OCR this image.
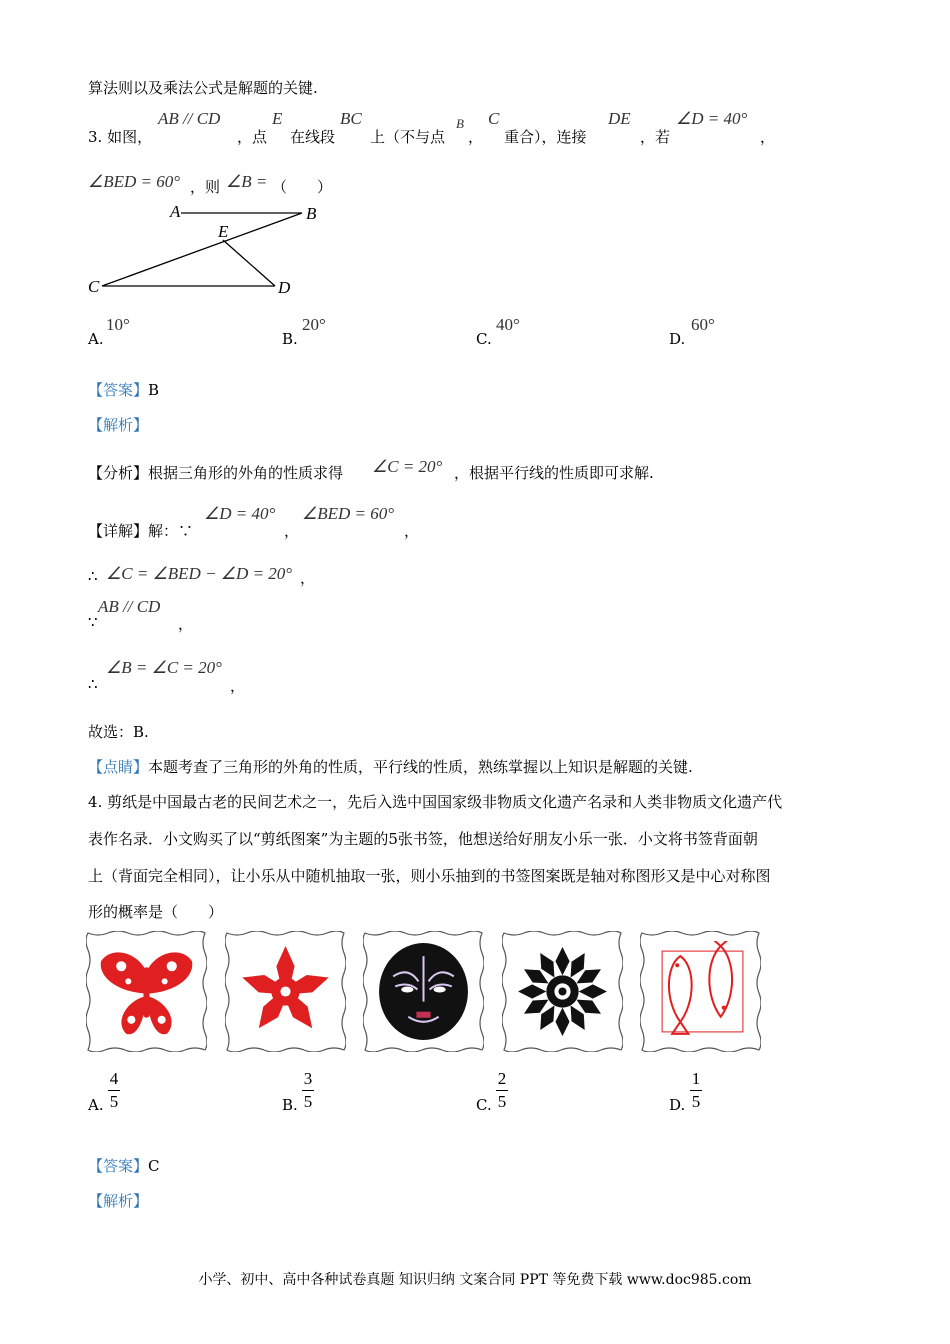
算法则以及乘法公式是解题的关键.
3. 如图，
AB // CD
，点
E
在线段
BC
上（不与点
B
，
C
重合），连接
DE
，若
∠D = 40°
，
∠BED = 60° ，则 ∠B = （　　）
A	B
E
C	D
A.
10°
B.
20°
C.
40°
D.
60°
【答案】B
【解析】
【分析】根据三角形的外角的性质求得 ∠C = 20° ，根据平行线的性质即可求解.
【详解】解：∵
∠D = 40°
，
∠BED = 60°
，
∴ ∠C = ∠BED − ∠D = 20° ，
∵
AB // CD
，
∴
∠B = ∠C = 20°
，
故选：B.
【点睛】本题考查了三角形的外角的性质，平行线的性质，熟练掌握以上知识是解题的关键.
4. 剪纸是中国最古老的民间艺术之一，先后入选中国国家级非物质文化遗产名录和人类非物质文化遗产代
表作名录．小文购买了以“剪纸图案”为主题的5张书签，他想送给好朋友小乐一张．小文将书签背面朝
上（背面完全相同），让小乐从中随机抽取一张，则小乐抽到的书签图案既是轴对称图形又是中心对称图
形的概率是（　　）
A.
4
5	B.
3
5	C.
2
5	D.
1
5
【答案】C
【解析】
小学、初中、高中各种试卷真题 知识归纳 文案合同 PPT 等免费下载 www.doc985.com
